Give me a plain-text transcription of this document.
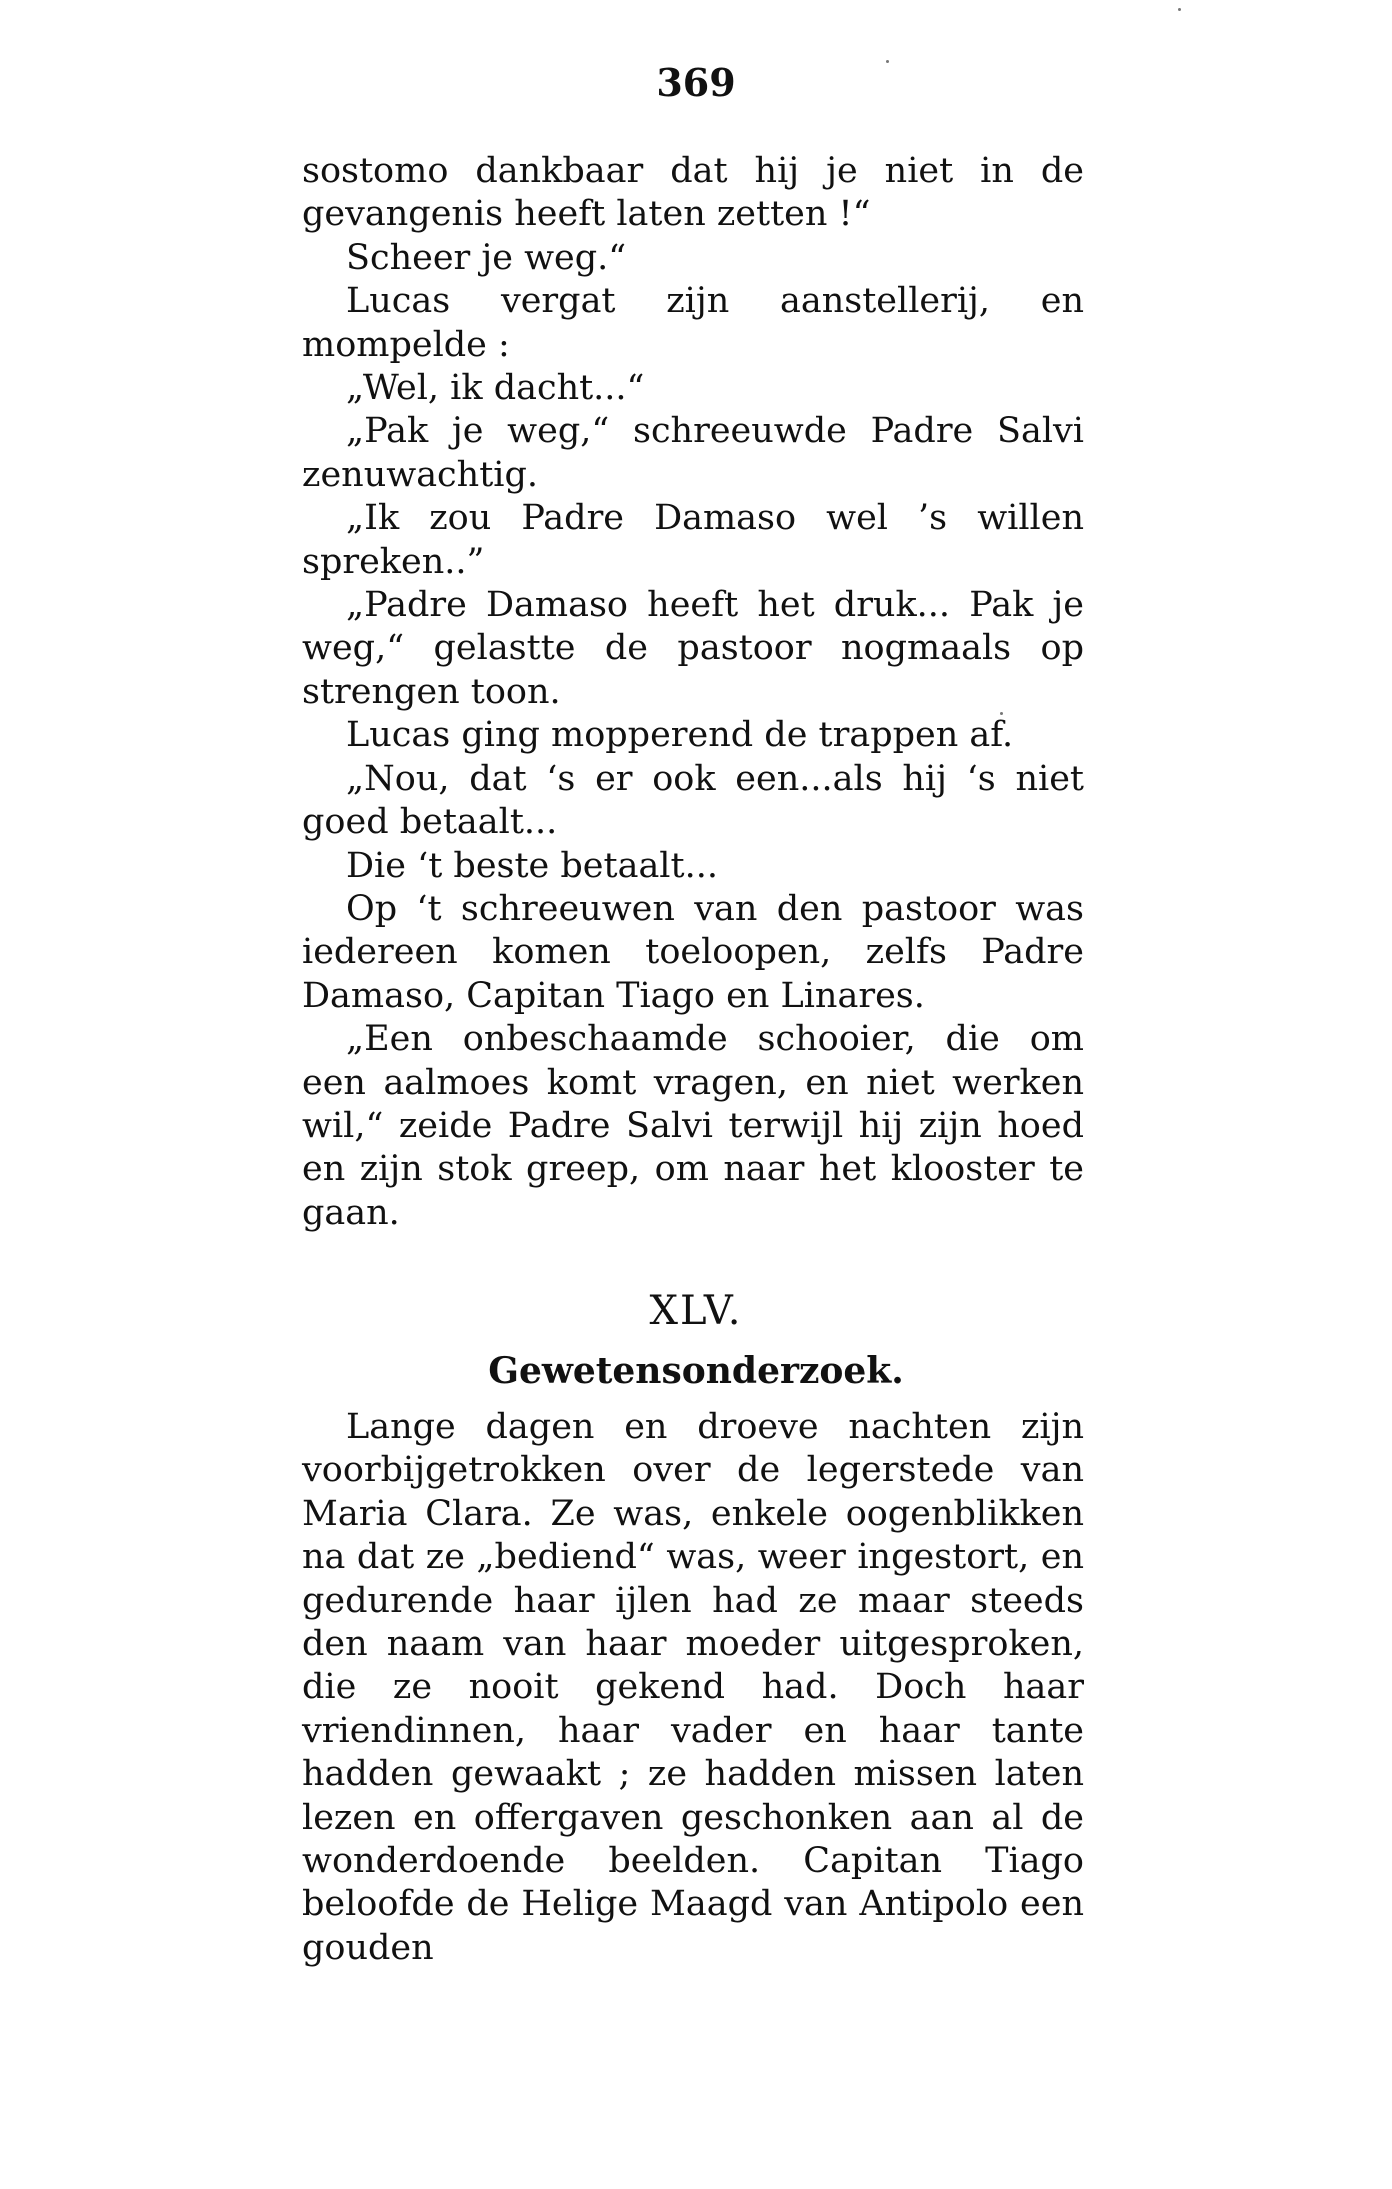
369

sostomo dankbaar dat hij je niet in de gevangenis heeft laten zetten !“

Scheer je weg.“

Lucas vergat zijn aanstellerij, en mompelde :

„Wel, ik dacht...“

„Pak je weg,“ schreeuwde Padre Salvi zenuwachtig.

„Ik zou Padre Damaso wel ’s willen spreken..”

„Padre Damaso heeft het druk... Pak je weg,“ gelastte de pastoor nogmaals op strengen toon.

Lucas ging mopperend de trappen af.

„Nou, dat ‘s er ook een...als hij ‘s niet goed betaalt...

Die ‘t beste betaalt...

Op ‘t schreeuwen van den pastoor was iedereen komen toeloopen, zelfs Padre Damaso, Capitan Tiago en Linares.

„Een onbeschaamde schooier, die om een aalmoes komt vragen, en niet werken wil,“ zeide Padre Salvi terwijl hij zijn hoed en zijn stok greep, om naar het klooster te gaan.

XLV.
Gewetensonderzoek.

Lange dagen en droeve nachten zijn voorbijgetrokken over de legerstede van Maria Clara. Ze was, enkele oogenblikken na dat ze „bediend“ was, weer ingestort, en gedurende haar ijlen had ze maar steeds den naam van haar moeder uitgesproken, die ze nooit gekend had. Doch haar vriendinnen, haar vader en haar tante hadden gewaakt ; ze hadden missen laten lezen en offergaven geschonken aan al de wonderdoende beelden. Capitan Tiago beloofde de Helige Maagd van Antipolo een gouden
